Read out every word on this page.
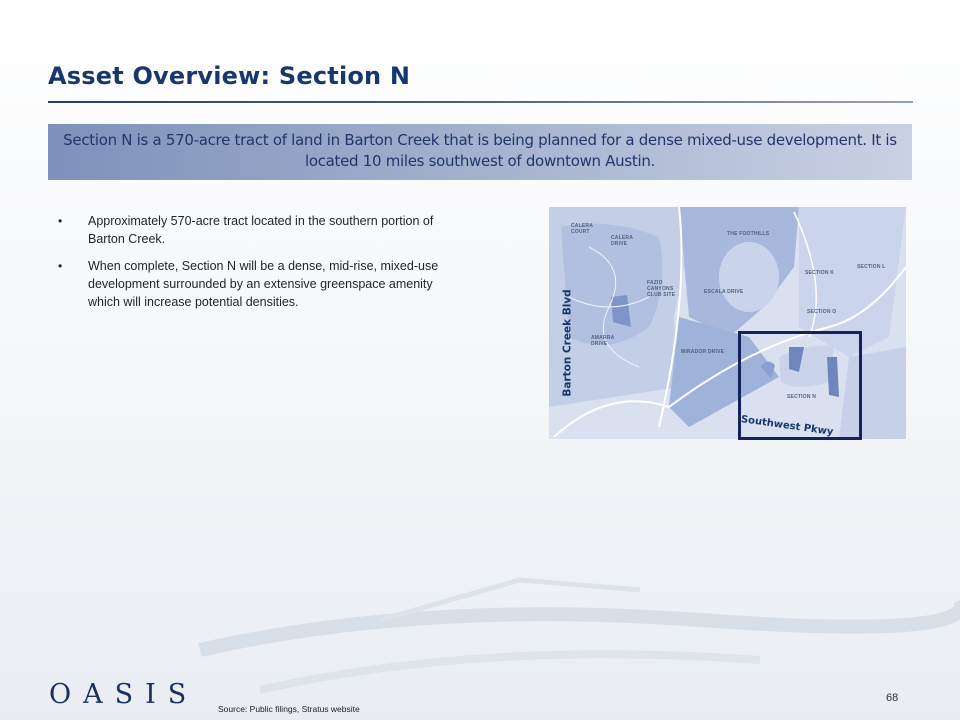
Asset Overview: Section N
Section N is a 570-acre tract of land in Barton Creek that is being planned for a dense mixed-use development. It is located 10 miles southwest of downtown Austin.
• Approximately 570-acre tract located in the southern portion of Barton Creek.
• When complete, Section N will be a dense, mid-rise, mixed-use development surrounded by an extensive greenspace amenity which will increase potential densities.
CALERA COURT
CALERA DRIVE
THE FOOTHILLS
SECTION K
SECTION L
FAZIO CANYONS CLUB SITE	ESCALA DRIVE
SECTION O
AMARRA DRIVE
MIRADOR DRIVE
SECTION N
Barton Creek Blvd
Southwest Pkwy
OASIS Source: Public filings, Stratus website
68
